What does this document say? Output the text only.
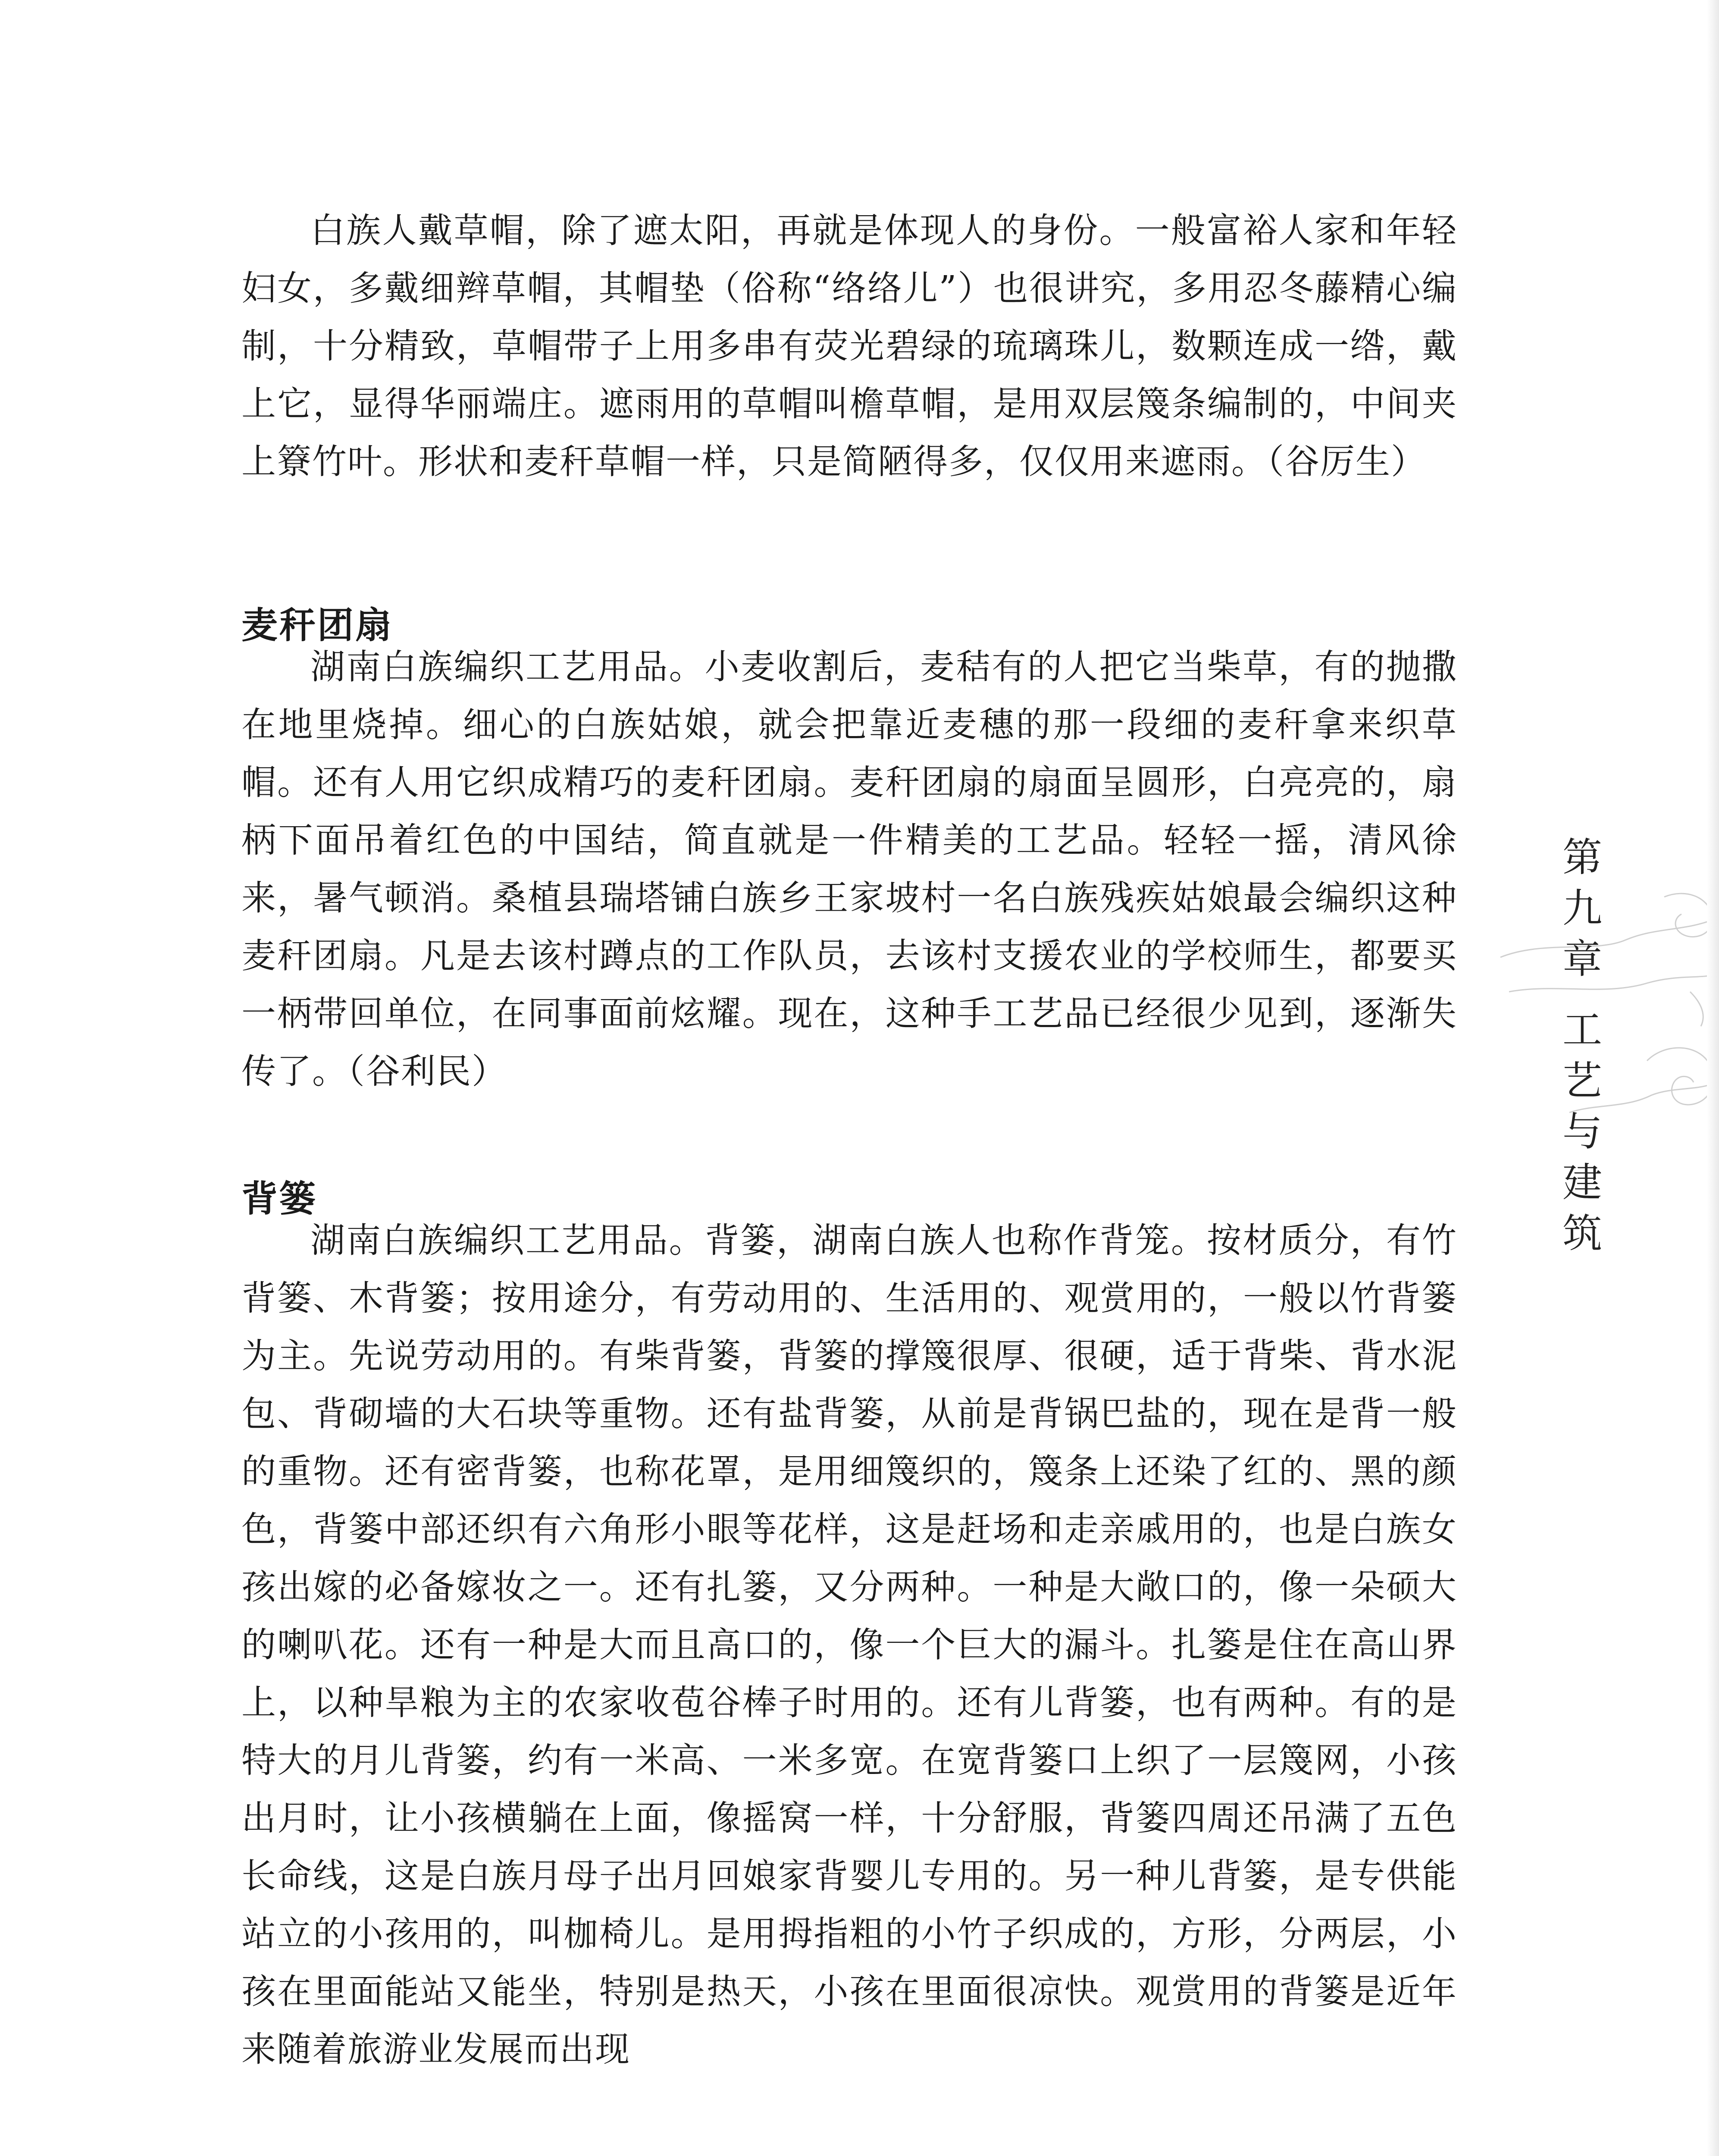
白族人戴草帽，除了遮太阳，再就是体现人的身份。一般富裕人家和年轻妇女，多戴细辫草帽，其帽垫（俗称“络络儿”）也很讲究，多用忍冬藤精心编制，十分精致，草帽带子上用多串有荧光碧绿的琉璃珠儿，数颗连成一绺，戴上它，显得华丽端庄。遮雨用的草帽叫檐草帽，是用双层篾条编制的，中间夹上簝竹叶。形状和麦秆草帽一样，只是简陋得多，仅仅用来遮雨。（谷厉生）

麦秆团扇

湖南白族编织工艺用品。小麦收割后，麦秸有的人把它当柴草，有的抛撒在地里烧掉。细心的白族姑娘，就会把靠近麦穗的那一段细的麦秆拿来织草帽。还有人用它织成精巧的麦秆团扇。麦秆团扇的扇面呈圆形，白亮亮的，扇柄下面吊着红色的中国结，简直就是一件精美的工艺品。轻轻一摇，清风徐来，暑气顿消。桑植县瑞塔铺白族乡王家坡村一名白族残疾姑娘最会编织这种麦秆团扇。凡是去该村蹲点的工作队员，去该村支援农业的学校师生，都要买一柄带回单位，在同事面前炫耀。现在，这种手工艺品已经很少见到，逐渐失传了。（谷利民）

背篓

湖南白族编织工艺用品。背篓，湖南白族人也称作背笼。按材质分，有竹背篓、木背篓；按用途分，有劳动用的、生活用的、观赏用的，一般以竹背篓为主。先说劳动用的。有柴背篓，背篓的撑篾很厚、很硬，适于背柴、背水泥包、背砌墙的大石块等重物。还有盐背篓，从前是背锅巴盐的，现在是背一般的重物。还有密背篓，也称花罩，是用细篾织的，篾条上还染了红的、黑的颜色，背篓中部还织有六角形小眼等花样，这是赶场和走亲戚用的，也是白族女孩出嫁的必备嫁妆之一。还有扎篓，又分两种。一种是大敞口的，像一朵硕大的喇叭花。还有一种是大而且高口的，像一个巨大的漏斗。扎篓是住在高山界上，以种旱粮为主的农家收苞谷棒子时用的。还有儿背篓，也有两种。有的是特大的月儿背篓，约有一米高、一米多宽。在宽背篓口上织了一层篾网，小孩出月时，让小孩横躺在上面，像摇窝一样，十分舒服，背篓四周还吊满了五色长命线，这是白族月母子出月回娘家背婴儿专用的。另一种儿背篓，是专供能站立的小孩用的，叫枷椅儿。是用拇指粗的小竹子织成的，方形，分两层，小孩在里面能站又能坐，特别是热天，小孩在里面很凉快。观赏用的背篓是近年来随着旅游业发展而出现

第九章
工艺与建筑
